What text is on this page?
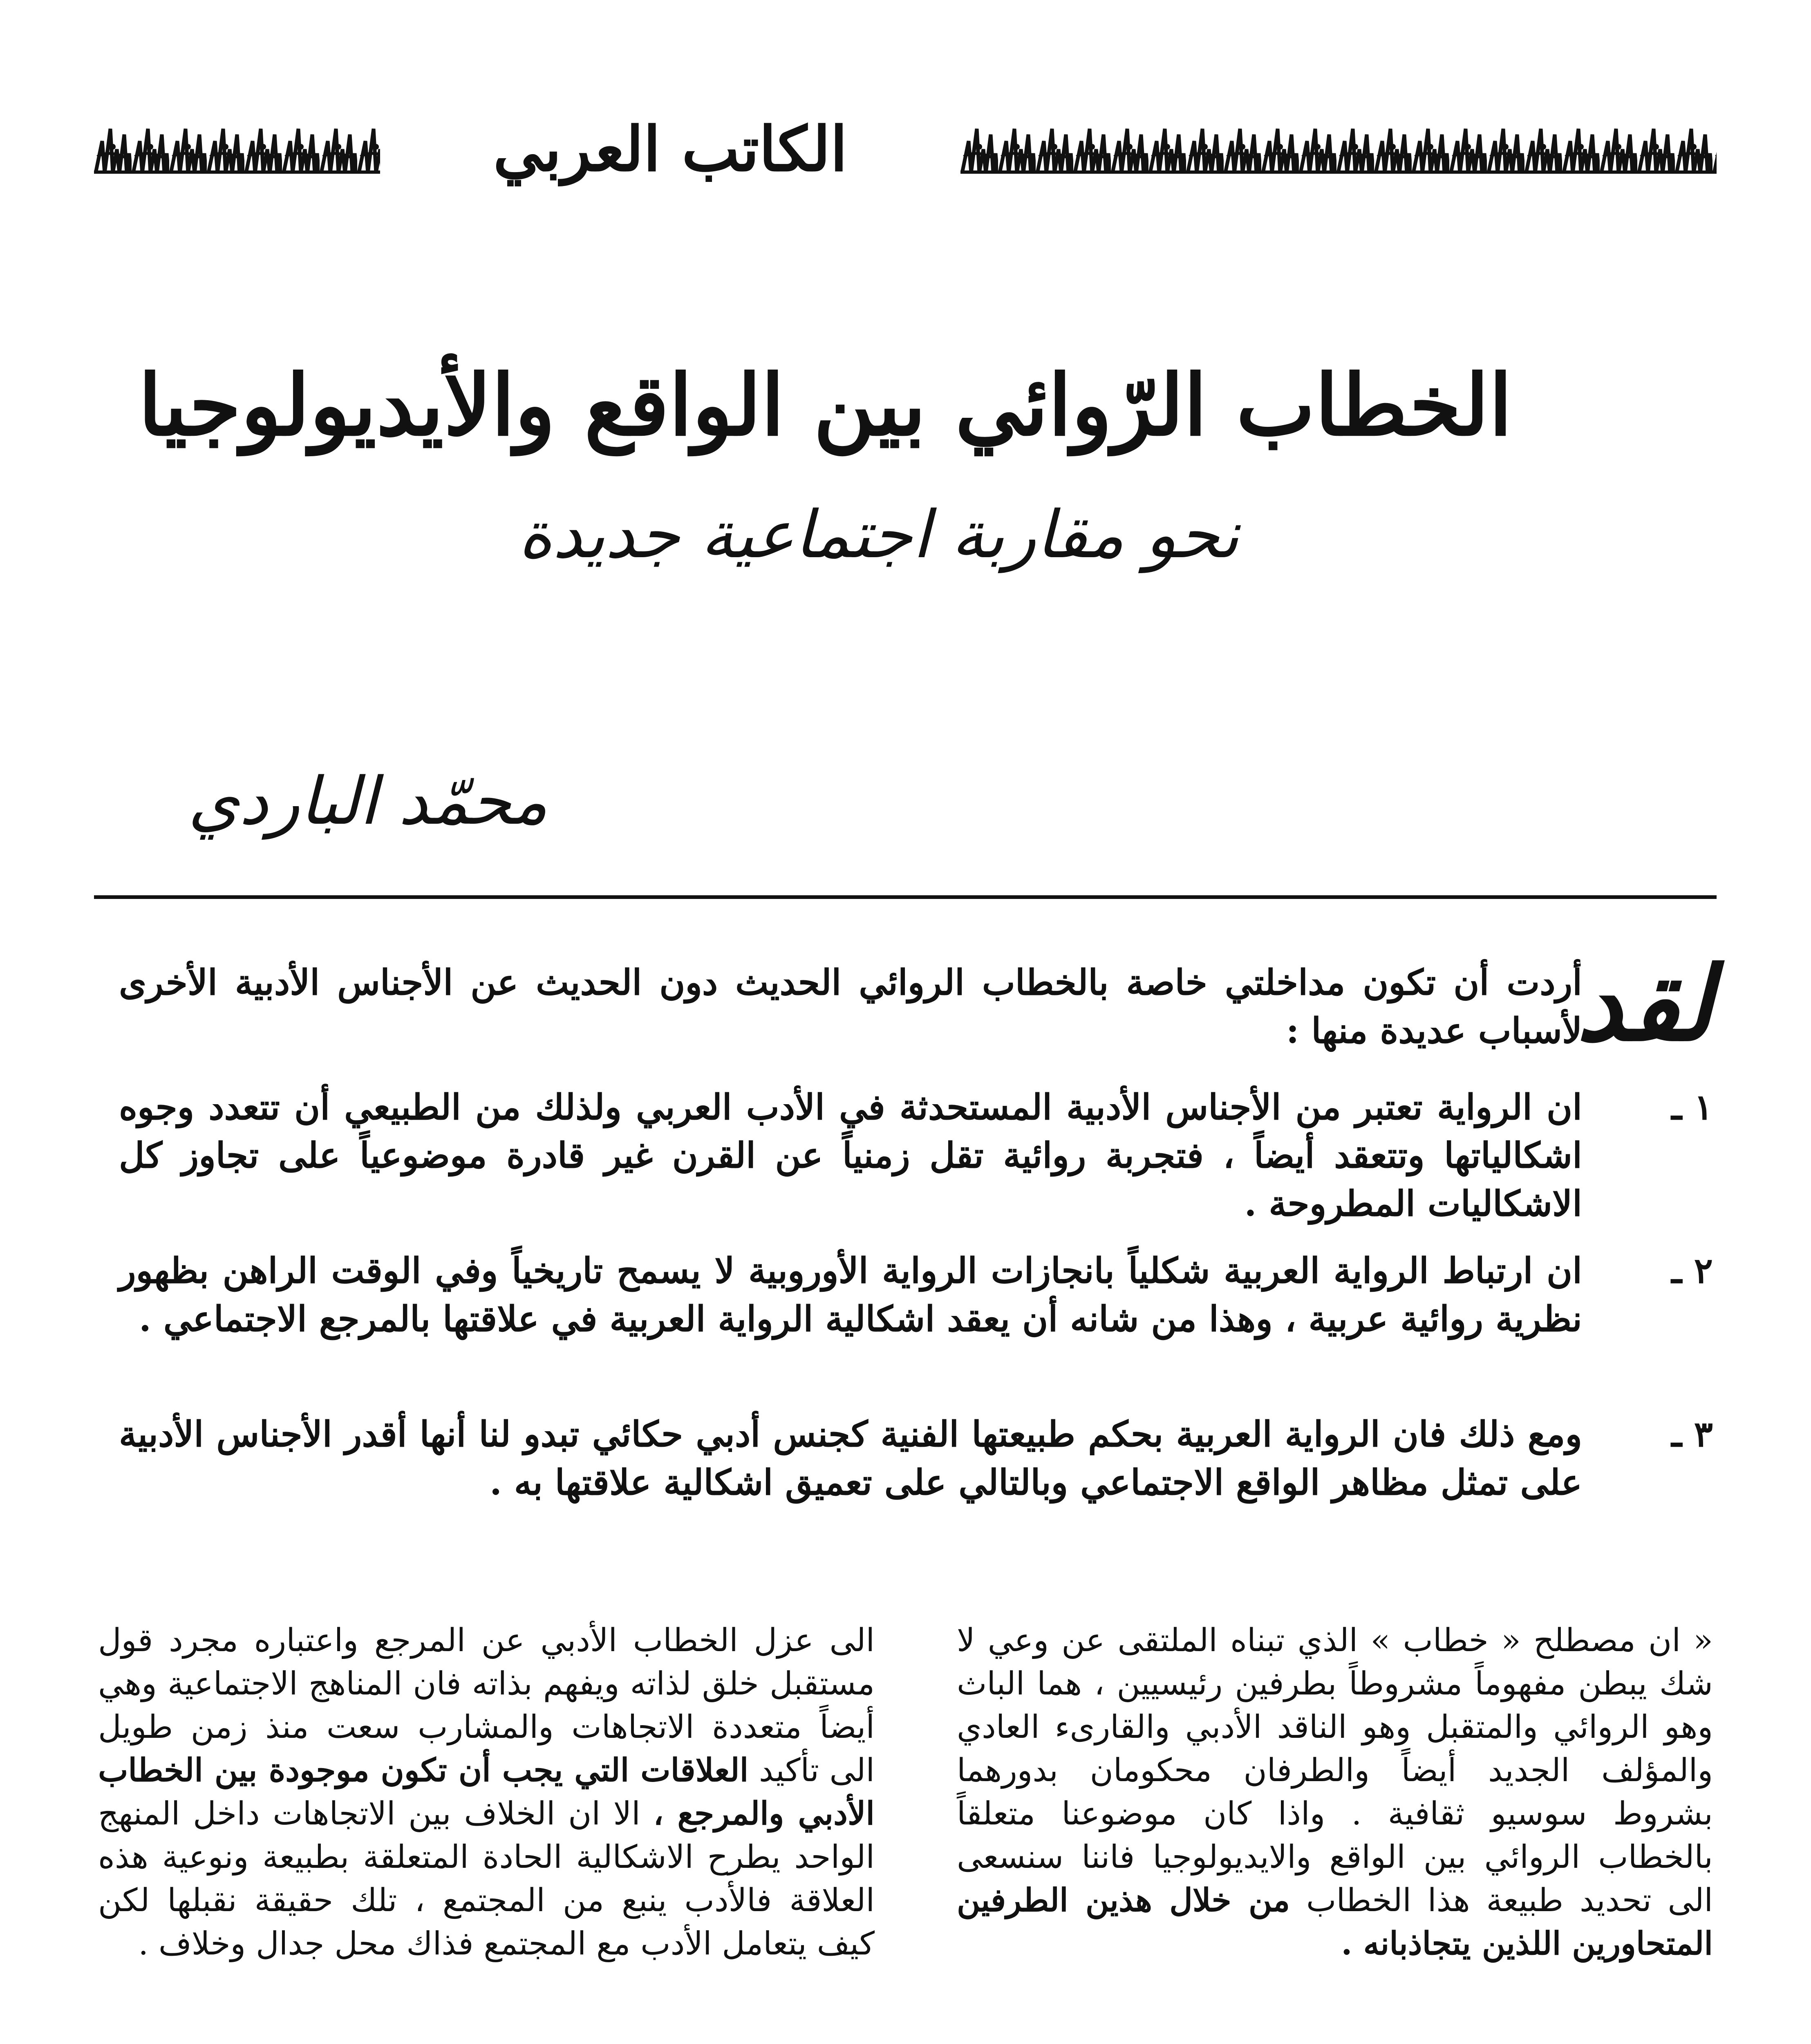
الكاتب العربي
الخطاب الرّوائي بين الواقع والأيديولوجيا
نحو مقاربة اجتماعية جديدة
محمّد الباردي
لقد
أردت أن تكون مداخلتي خاصة بالخطاب الروائي الحديث دون الحديث عن الأجناس الأدبية الأخرى لأسباب عديدة منها :
١ ـ
ان الرواية تعتبر من الأجناس الأدبية المستحدثة في الأدب العربي ولذلك من الطبيعي أن تتعدد وجوه اشكالياتها وتتعقد أيضاً ، فتجربة روائية تقل زمنياً عن القرن غير قادرة موضوعياً على تجاوز كل الاشكاليات المطروحة .
٢ ـ
ان ارتباط الرواية العربية شكلياً بانجازات الرواية الأوروبية لا يسمح تاريخياً وفي الوقت الراهن بظهور نظرية روائية عربية ، وهذا من شانه أن يعقد اشكالية الرواية العربية في علاقتها بالمرجع الاجتماعي .
٣ ـ
ومع ذلك فان الرواية العربية بحكم طبيعتها الفنية كجنس أدبي حكائي تبدو لنا أنها أقدر الأجناس الأدبية على تمثل مظاهر الواقع الاجتماعي وبالتالي على تعميق اشكالية علاقتها به .
« ان مصطلح « خطاب » الذي تبناه الملتقى عن وعي لا شك يبطن مفهوماً مشروطاً بطرفين رئيسيين ، هما الباث وهو الروائي والمتقبل وهو الناقد الأدبي والقارىء العادي والمؤلف الجديد أيضاً والطرفان محكومان بدورهما بشروط سوسيو ثقافية . واذا كان موضوعنا متعلقاً بالخطاب الروائي بين الواقع والايديولوجيا فاننا سنسعى الى تحديد طبيعة هذا الخطاب من خلال هذين الطرفين المتحاورين اللذين يتجاذبانه .
الى عزل الخطاب الأدبي عن المرجع واعتباره مجرد قول مستقبل خلق لذاته ويفهم بذاته فان المناهج الاجتماعية وهي أيضاً متعددة الاتجاهات والمشارب سعت منذ زمن طويل الى تأكيد العلاقات التي يجب أن تكون موجودة بين الخطاب الأدبي والمرجع ، الا ان الخلاف بين الاتجاهات داخل المنهج الواحد يطرح الاشكالية الحادة المتعلقة بطبيعة ونوعية هذه العلاقة فالأدب ينبع من المجتمع ، تلك حقيقة نقبلها لكن كيف يتعامل الأدب مع المجتمع فذاك محل جدال وخلاف .
